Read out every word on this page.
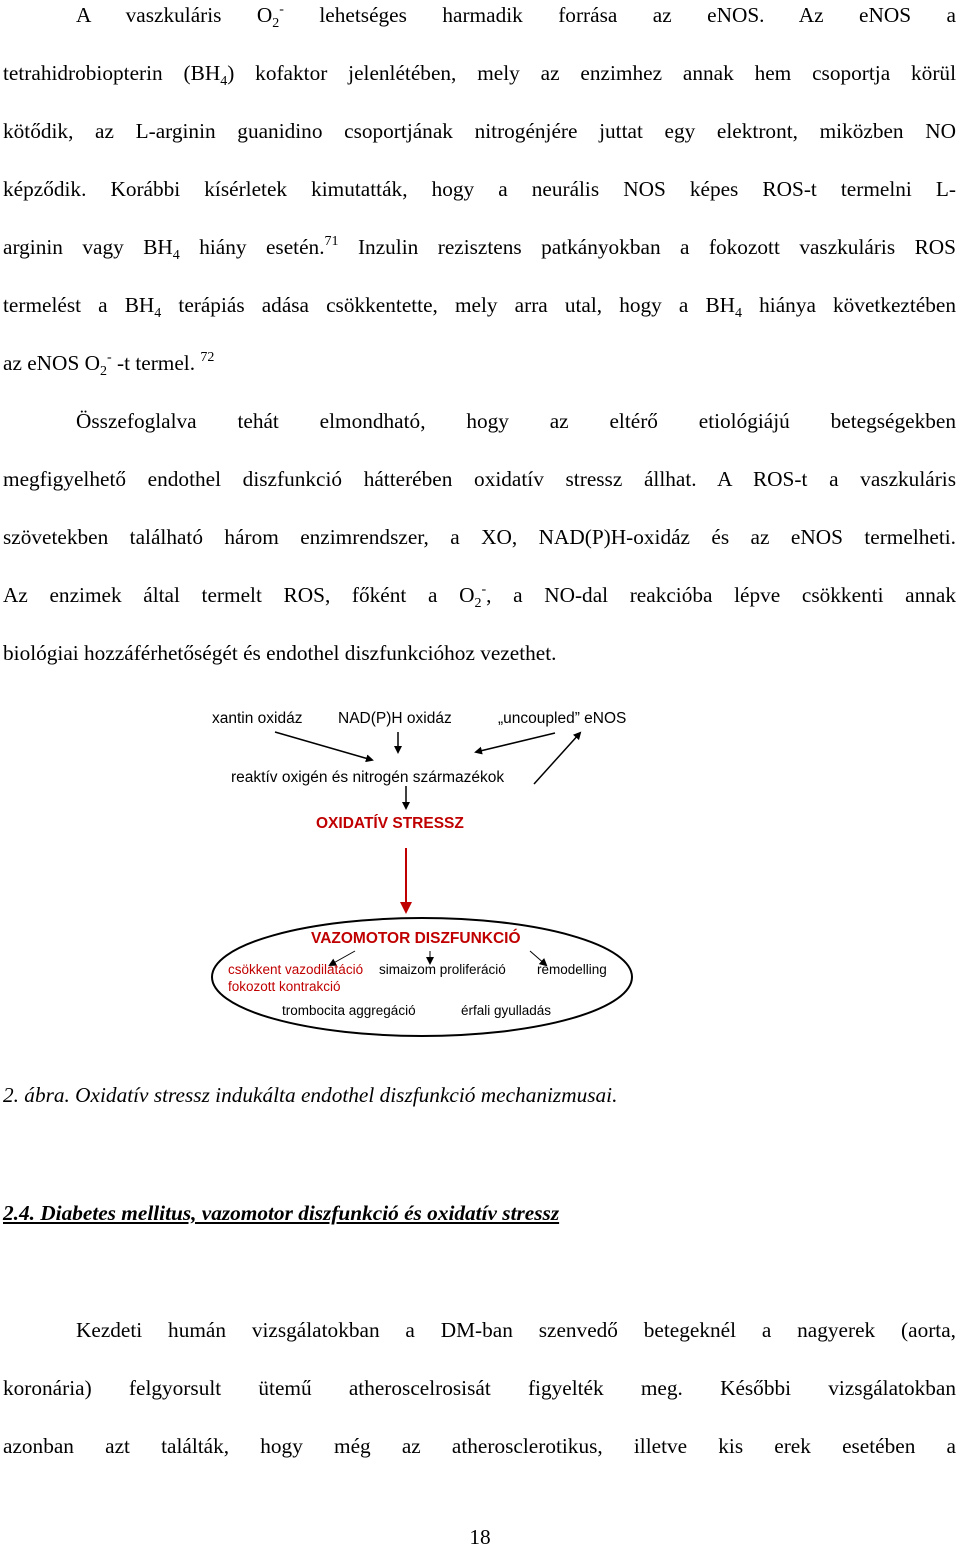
A vaszkuláris $O_2^-$ lehetséges harmadik forrása az eNOS. Az eNOS a
tetrahidrobiopterin $(BH_4)$ kofaktor jelenlétében, mely az enzimhez annak hem csoportja körül
kötődik, az L-arginin guanidino csoportjának nitrogénjére juttat egy elektront, miközben NO
képződik. Korábbi kísérletek kimutatták, hogy a neurális NOS képes ROS-t termelni L-
arginin vagy $BH_4$ hiány esetén.$^{71}$ Inzulin rezisztens patkányokban a fokozott vaszkuláris ROS
termelést a $BH_4$ terápiás adása csökkentette, mely arra utal, hogy a $BH_4$ hiánya következtében
az eNOS $O_2^-$ -t termel. $^{72}$
Összefoglalva tehát elmondható, hogy az eltérő etiológiájú betegségekben
megfigyelhető endothel diszfunkció hátterében oxidatív stressz állhat. A ROS-t a vaszkuláris
szövetekben található három enzimrendszer, a XO, NAD(P)H-oxidáz és az eNOS termelheti.
Az enzimek által termelt ROS, főként a $O_2^-$, a NO-dal reakcióba lépve csökkenti annak
biológiai hozzáférhetőségét és endothel diszfunkcióhoz vezethet.
xantin oxidáz NAD(P)H oxidáz	„uncoupled” eNOS
reaktív oxigén és nitrogén származékok
OXIDATÍV STRESSZ
VAZOMOTOR DISZFUNKCIÓ
csökkent vazodilatáció simaizom proliferáció remodelling
fokozott kontrakció
trombocita aggregáció	érfali gyulladás
2. ábra. Oxidatív stressz indukálta endothel diszfunkció mechanizmusai.
2.4. Diabetes mellitus, vazomotor diszfunkció és oxidatív stressz
Kezdeti humán vizsgálatokban a DM-ban szenvedő betegeknél a nagyerek (aorta,
koronária) felgyorsult ütemű atheroscelrosisát figyelték meg. Későbbi vizsgálatokban
azonban azt találták, hogy még az atherosclerotikus, illetve kis erek esetében a
18
